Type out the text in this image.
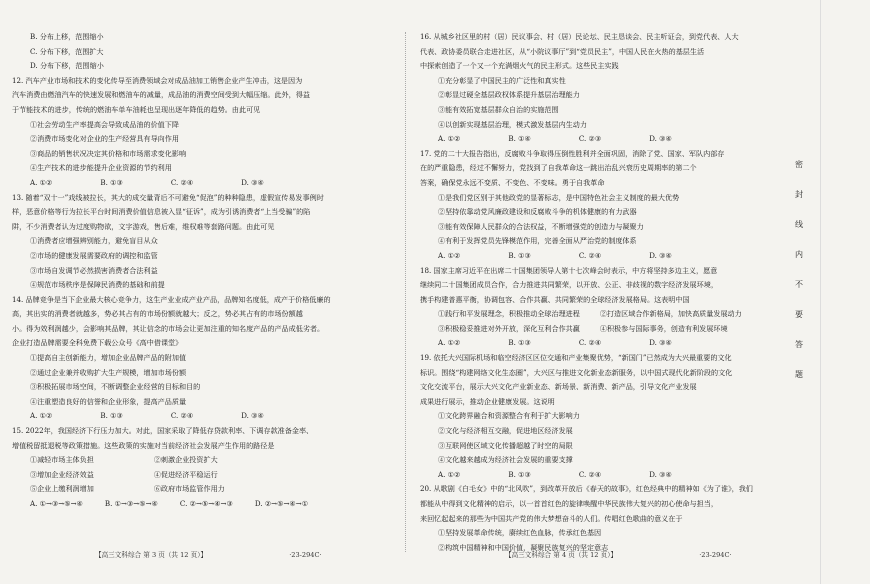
B. 分布上移，范围缩小
C. 分布下移，范围扩大
D. 分布下移，范围缩小
12. 汽车产业市场和技术的变化传导至消费领域会对成品油加工销售企业产生冲击，这是因为
汽车消费由燃油汽车的快速发展和燃油车的减量，成品油的消费空间受到大幅压缩。此外，得益
于节能技术的进步，传统的燃油车单车油耗也呈现出逐年降低的趋势。由此可见
①社会劳动生产率提高会导致成品油的价值下降
②消费市场变化对企业的生产经营具有导向作用
③商品的销售状况决定其价格和市场需求变化影响
④生产技术的进步能提升企业资源的节约利用
A. ①②	B. ①③	C. ②④	D. ③④
13. 随着“双十一”戏线被拉长，其大的成交量背后不可避免“促泡”的种种隐患，虚假宣传易发事例时
样，恶意价格等行为拉长平台时间消费价值信息被入显“征诉”，成为引诱消费者“上当受骗”的陷
阱，不少消费者认为过度购物欲，文字游戏，售后难，维权难等套路问题。由此可见
①消费者应增强辨别能力，避免盲目从众
②市场的健康发展需要政府的调控和监管
③市场自发调节必然损害消费者合法利益
④规范市场秩序是保障民消费的基础和前提
14. 品牌竞争是当下企业最大核心竞争力，这生产业业成产业产品，品牌知名度低，成产于价格低廉的
高，其出实的消费者就越多，势必其占有的市场份额就越大；反之，势必其占有的市场份额越
小。得为效利润越少，会影响其品牌，其让信念的市场会让更加注重的知名度产品的产品成低劣者。
企业打造品牌需要全科免费下载公众号《高中借课堂》
①提高自主创新能力，增加企业品牌产品的附加值
②通过企业兼并收购扩大生产规模，增加市场份额
③积极拓展市场空间，不断调整企业经营的目标和目的
④注重塑造良好的信誉和企业形象，提高产品质量
A. ①②	B. ①③	C. ②④	D. ③④
15. 2022年，我国经济下行压力加大。对此，国家采取了降低存贷款利率、下调存款准备金率、
增值税留抵退税等政策措施。这些政策的实施对当前经济社会发展产生作用的路径是
①减轻市场主体负担	②刺激企业投资扩大
③增加企业经济效益	④促进经济平稳运行
⑤企业上缴利润增加	⑥政府市场监管作用力
A. ①→③→⑤→④	B. ①→③→⑤→④	C. ②→⑤→④→③	D. ②→⑤→④→①
【高三文科综合 第 3 页（共 12 页）】	·23-294C·
16. 从城乡社区里的村（居）民议事会、村（居）民论坛、民主恳谈会、民主听证会，到党代表、人大
代表、政协委员联合走进社区，从“小院议事厅”到“党员民主”，中国人民在火热的基层生活
中探索创造了一个又一个充满烟火气的民主形式。这些民主实践
①充分彰显了中国民主的广泛性和真实性
②彰显过硬全基层政权体系提升基层治理能力
③能有效拓宽基层群众自治的实施范围
④以创新实现基层治理，模式激发基层内生动力
A. ①②	B. ①④	C. ②③	D. ③④
17. 党的二十大报告指出，反腐败斗争取得压倒性胜利并全面巩固，消除了党、国家、军队内部存
在的严重隐患，经过不懈努力，党找到了自我革命这一跳出治乱兴衰历史周期率的第二个
答案，确保党永远不变质、不变色、不变味。勇于自我革命
①是我们党区别于其他政党的显著标志，是中国特色社会主义制度的最大优势
②坚持依靠动党风廉政建设和反腐败斗争的机体健康的有力武器
③能有效保障人民群众的合法权益，不断增强党的创造力与凝聚力
④有利于发挥党员先锋模范作用，完善全面从严治党的制度体系
A. ①②	B. ①③	C. ②④	D. ③④
18. 国家主席习近平在出席二十国集团领导人第十七次峰会时表示，中方将坚持多边主义，愿意
继续同二十国集团成员合作，合力推进共同繁荣，以开放、公正、非歧视的数字经济发展环境，
携手构建普惠平衡，协调包容、合作共赢、共同繁荣的全球经济发展格局。这表明中国
①践行和平发展理念，积极推动全球治理进程	②打造区域合作新格局，加快高质量发展动力
③积极稳妥推进对外开放，深化互利合作共赢	④积极参与国际事务，创造有利发展环境
A. ①②	B. ①③	C. ②④	D. ③④
19. 依托大兴国际机场和临空经济区区位交通和产业集聚优势，“新国门”已然成为大兴最重要的文化
标识。围绕“构建网络文化生态圈”，大兴区与推进文化新业态新服务，以中国式现代化新阶段的文化
文化交流平台，展示大兴文化产业新业态、新场景、新消费、新产品，引导文化产业发展
成果进行展示，推动企业健康发展。这说明
①文化跨界融合和资源整合有利于扩大影响力
②文化与经济相互交融，促进地区经济发展
③互联网使区域文化传播超越了时空的局限
④文化越来越成为经济社会发展的重要支撑
A. ①②	B. ①③	C. ②④	D. ③④
20. 从歌剧《白毛女》中的“北风吹”，到改革开放后《春天的故事》，红色经典中的精神如《为了谁》，我们
都能从中得到文化精神的启示，以一首首红色的旋律唤醒中华民族伟大复兴的初心使命与担当，
来回忆起起来的那些为中国共产党的伟大梦想奋斗的人们。传唱红色歌曲的意义在于
①坚持发展革命传统，赓续红色血脉，传承红色基因
②构筑中国精神和中国价值，凝聚民族复兴的坚定意志
【高三文科综合 第 4 页（共 12 页）】	·23-294C·
密
封
线
内
不
要
答
题
